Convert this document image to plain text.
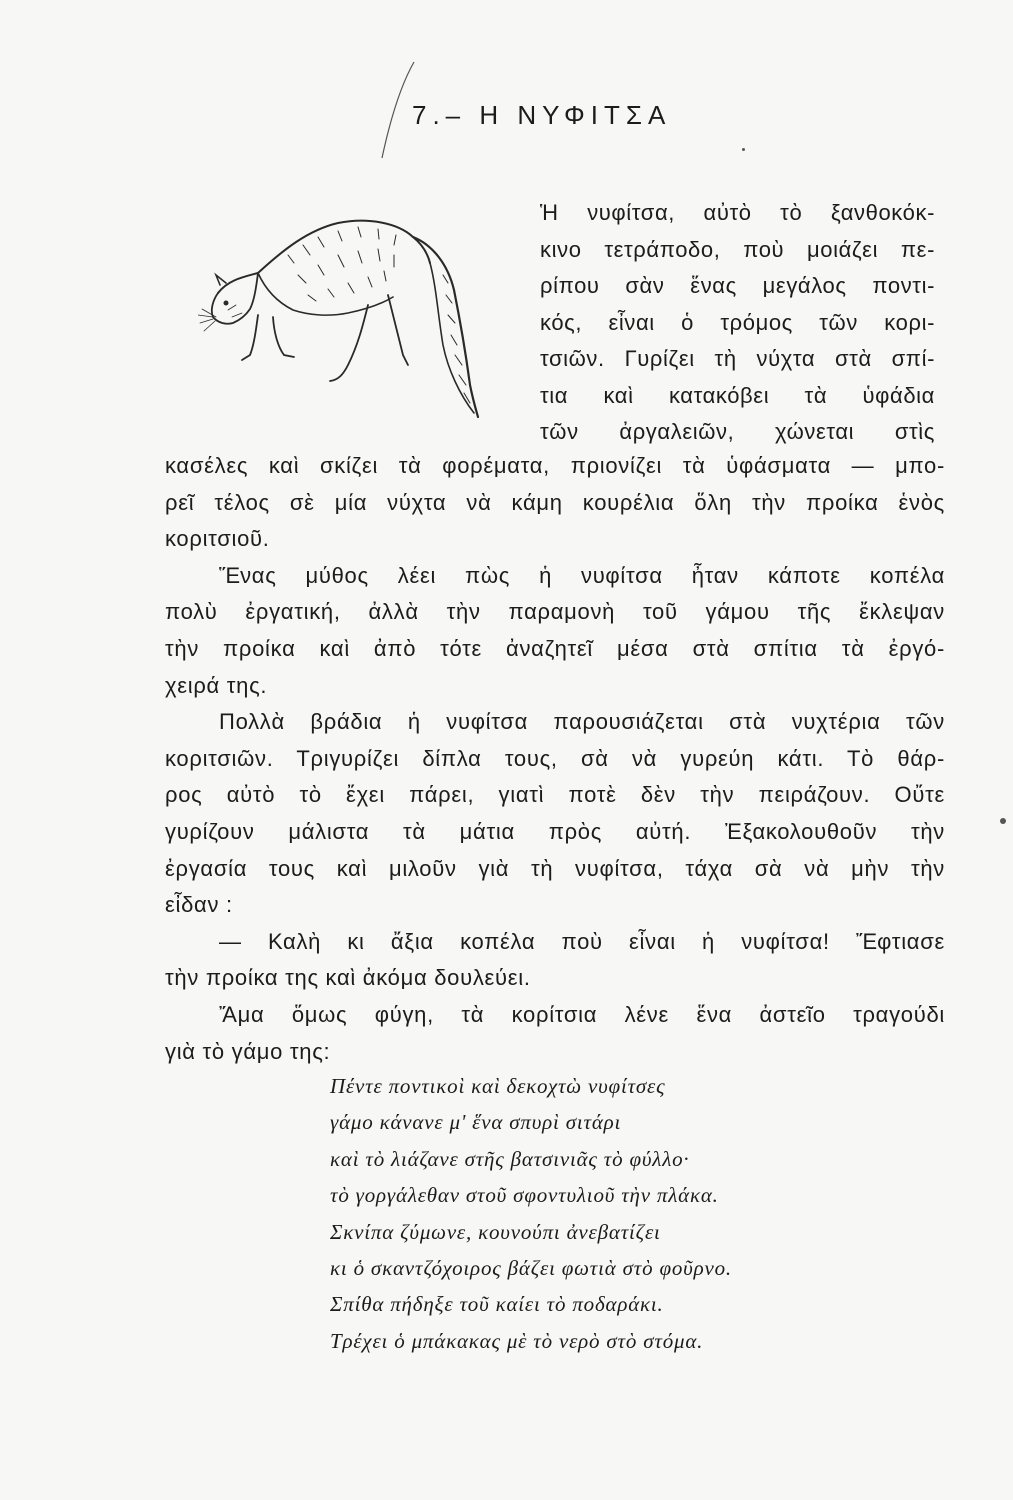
7.– Η ΝΥΦΙΤΣΑ
Ἡ νυφίτσα, αὐτὸ τὸ ξανθοκόκ-
κινο τετράποδο, ποὺ μοιάζει πε-
ρίπου σὰν ἕνας μεγάλος ποντι-
κός, εἶναι ὁ τρόμος τῶν κορι-
τσιῶν. Γυρίζει τὴ νύχτα στὰ σπί-
τια καὶ κατακόβει τὰ ὑφάδια
τῶν ἀργαλειῶν, χώνεται στὶς

κασέλες καὶ σκίζει τὰ φορέματα, πριονίζει τὰ ὑφάσματα — μπο-
ρεῖ τέλος σὲ μία νύχτα νὰ κάμη κουρέλια ὅλη τὴν προίκα ἑνὸς
κοριτσιοῦ.

Ἕνας μύθος λέει πὼς ἡ νυφίτσα ἦταν κάποτε κοπέλα
πολὺ ἐργατική, ἀλλὰ τὴν παραμονὴ τοῦ γάμου τῆς ἔκλεψαν
τὴν προίκα καὶ ἀπὸ τότε ἀναζητεῖ μέσα στὰ σπίτια τὰ ἐργό-
χειρά της.

Πολλὰ βράδια ἡ νυφίτσα παρουσιάζεται στὰ νυχτέρια τῶν
κοριτσιῶν. Τριγυρίζει δίπλα τους, σὰ νὰ γυρεύη κάτι. Τὸ θάρ-
ρος αὐτὸ τὸ ἔχει πάρει, γιατὶ ποτὲ δὲν τὴν πειράζουν. Οὔτε
γυρίζουν μάλιστα τὰ μάτια πρὸς αὐτή. Ἐξακολουθοῦν τὴν
ἐργασία τους καὶ μιλοῦν γιὰ τὴ νυφίτσα, τάχα σὰ νὰ μὴν τὴν
εἶδαν :

— Καλὴ κι ἄξια κοπέλα ποὺ εἶναι ἡ νυφίτσα! Ἔφτιασε
τὴν προίκα της καὶ ἀκόμα δουλεύει.

Ἄμα ὅμως φύγη, τὰ κορίτσια λένε ἕνα ἀστεῖο τραγούδι
γιὰ τὸ γάμο της:

Πέντε ποντικοὶ καὶ δεκοχτὼ νυφίτσες
γάμο κάνανε μ' ἕνα σπυρὶ σιτάρι
καὶ τὸ λιάζανε στῆς βατσινιᾶς τὸ φύλλο·
τὸ γοργάλεθαν στοῦ σφοντυλιοῦ τὴν πλάκα.
Σκνίπα ζύμωνε, κουνούπι ἀνεβατίζει
κι ὁ σκαντζόχοιρος βάζει φωτιὰ στὸ φοῦρνο.
Σπίθα πήδηξε τοῦ καίει τὸ ποδαράκι.
Τρέχει ὁ μπάκακας μὲ τὸ νερὸ στὸ στόμα.
